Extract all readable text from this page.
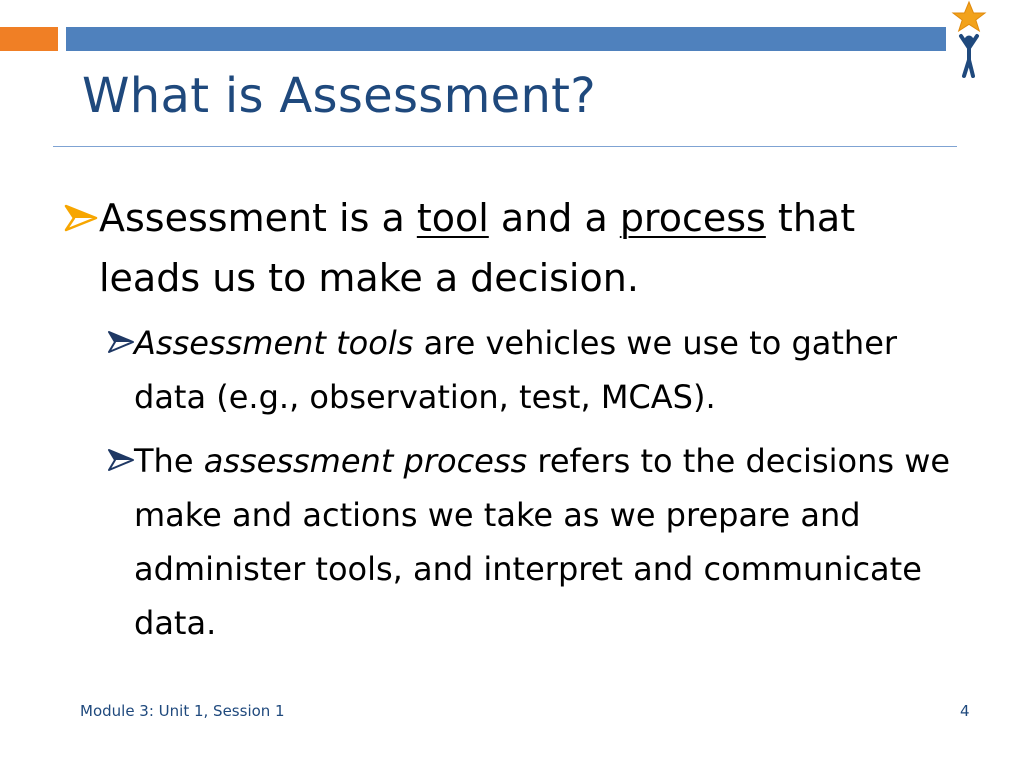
What is Assessment?
Assessment is a tool and a process that leads us to make a decision.
Assessment tools are vehicles we use to gather data (e.g., observation, test, MCAS).
The assessment process refers to the decisions we make and actions we take as we prepare and administer tools, and interpret and communicate data.
Module 3: Unit 1, Session 1	4
